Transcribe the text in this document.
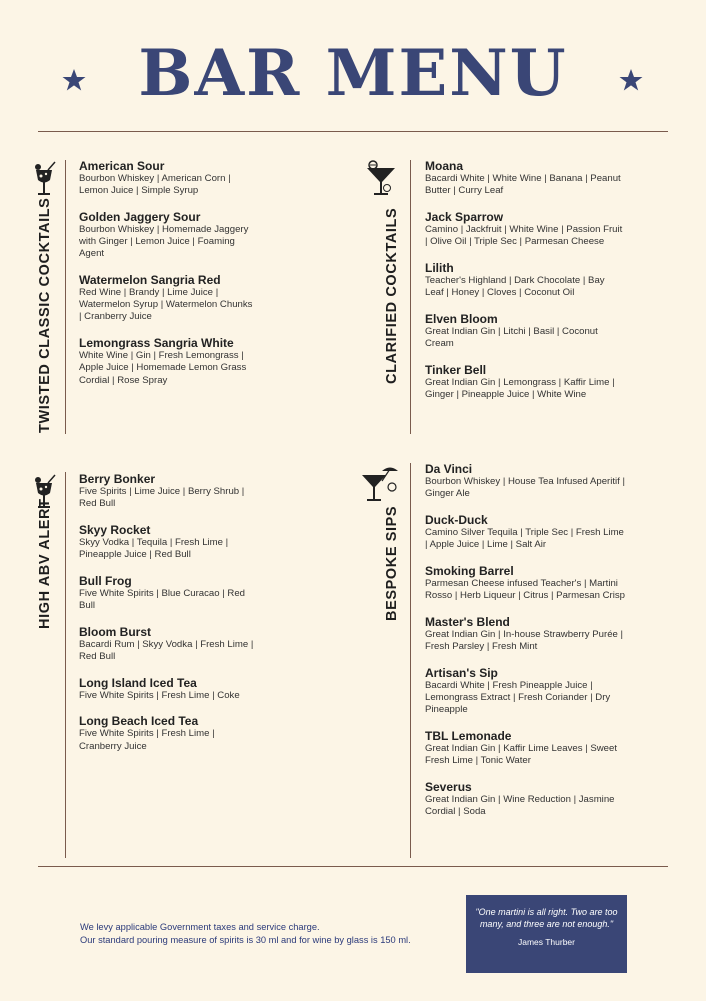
BAR MENU
TWISTED CLASSIC COCKTAILS
American Sour
Bourbon Whiskey | American Corn | Lemon Juice | Simple Syrup
Golden Jaggery Sour
Bourbon Whiskey | Homemade Jaggery with Ginger | Lemon Juice | Foaming Agent
Watermelon Sangria Red
Red Wine | Brandy | Lime Juice | Watermelon Syrup | Watermelon Chunks | Cranberry Juice
Lemongrass Sangria White
White Wine | Gin | Fresh Lemongrass | Apple Juice | Homemade Lemon Grass Cordial | Rose Spray	CLARIFIED COCKTAILS
Moana
Bacardi White | White Wine | Banana | Peanut Butter | Curry Leaf
Jack Sparrow
Camino | Jackfruit | White Wine | Passion Fruit | Olive Oil | Triple Sec | Parmesan Cheese
Lilith
Teacher's Highland | Dark Chocolate | Bay Leaf | Honey | Cloves | Coconut Oil
Elven Bloom
Great Indian Gin | Litchi | Basil | Coconut Cream
Tinker Bell
Great Indian Gin | Lemongrass | Kaffir Lime | Ginger | Pineapple Juice | White Wine
HIGH ABV ALERT
Berry Bonker
Five Spirits | Lime Juice | Berry Shrub | Red Bull
Skyy Rocket
Skyy Vodka | Tequila | Fresh Lime | Pineapple Juice | Red Bull
Bull Frog
Five White Spirits | Blue Curacao | Red Bull
Bloom Burst
Bacardi Rum | Skyy Vodka | Fresh Lime | Red Bull
Long Island Iced Tea
Five White Spirits | Fresh Lime | Coke
Long Beach Iced Tea
Five White Spirits | Fresh Lime | Cranberry Juice
BESPOKE SIPS
Da Vinci
Bourbon Whiskey | House Tea Infused Aperitif | Ginger Ale
Duck-Duck
Camino Silver Tequila | Triple Sec | Fresh Lime | Apple Juice | Lime | Salt Air
Smoking Barrel
Parmesan Cheese infused Teacher's | Martini Rosso | Herb Liqueur | Citrus | Parmesan Crisp
Master's Blend
Great Indian Gin | In-house Strawberry Purée | Fresh Parsley | Fresh Mint
Artisan's Sip
Bacardi White | Fresh Pineapple Juice | Lemongrass Extract | Fresh Coriander | Dry Pineapple
TBL Lemonade
Great Indian Gin | Kaffir Lime Leaves | Sweet Fresh Lime | Tonic Water
Severus
Great Indian Gin | Wine Reduction | Jasmine Cordial | Soda
We levy applicable Government taxes and service charge.
Our standard pouring measure of spirits is 30 ml and for wine by glass is 150 ml.
"One martini is all right. Two are too many, and three are not enough."
James Thurber
